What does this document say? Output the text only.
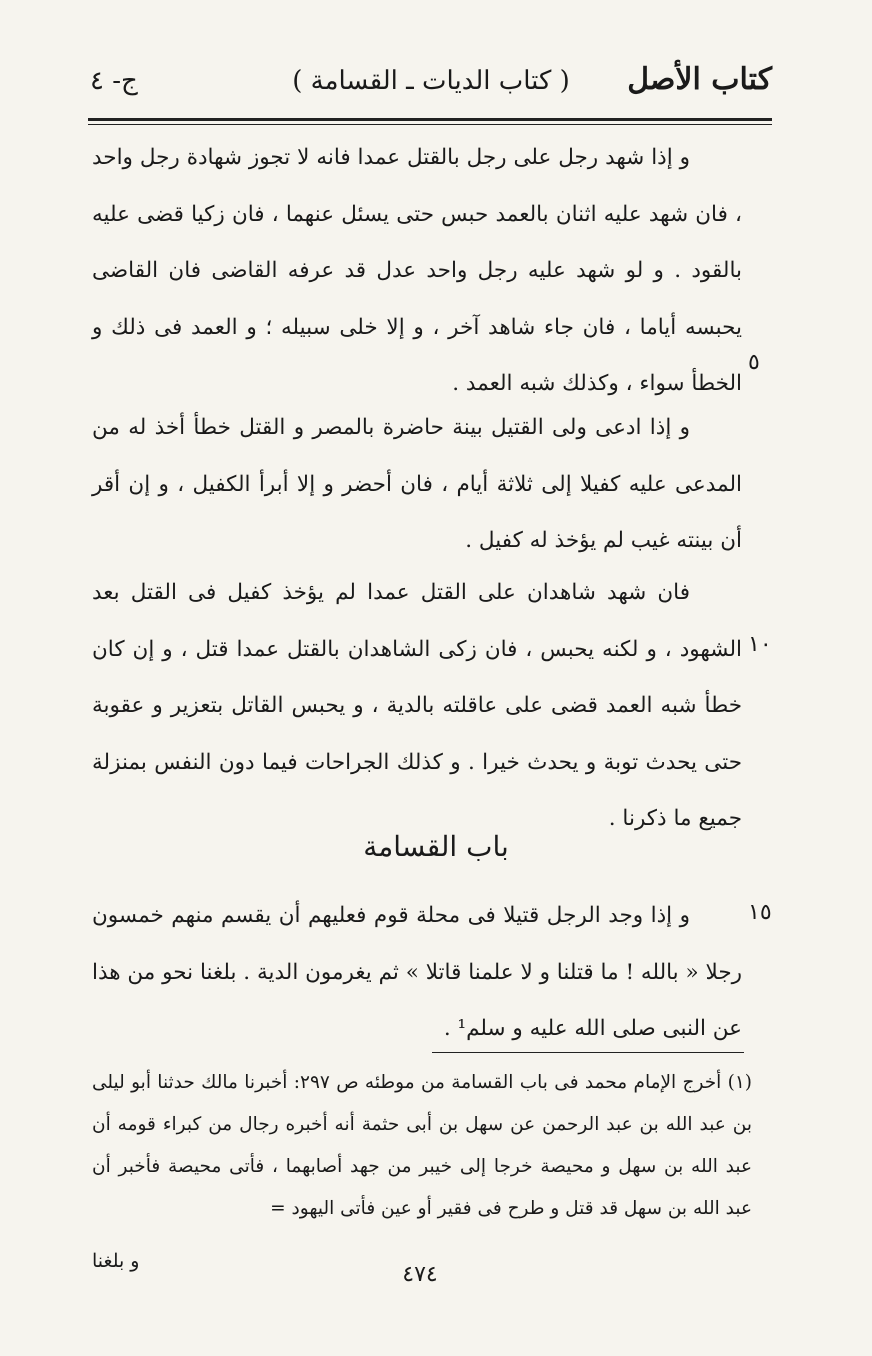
كتاب الأصل
( كتاب الديات ـ القسامة )
ج- ٤

و إذا شهد رجل على رجل بالقتل عمدا فانه لا تجوز شهادة رجل واحد ، فان شهد عليه اثنان بالعمد حبس حتى يسئل عنهما ، فان زكيا قضى عليه بالقود . و لو شهد عليه رجل واحد عدل قد عرفه القاضى فان القاضى يحبسه أياما ، فان جاء شاهد آخر ، و إلا خلى سبيله ؛ و العمد فى ذلك و الخطأ سواء ، وكذلك شبه العمد .

٥

و إذا ادعى ولى القتيل بينة حاضرة بالمصر و القتل خطأ أخذ له من المدعى عليه كفيلا إلى ثلاثة أيام ، فان أحضر و إلا أبرأ الكفيل ، و إن أقر أن بينته غيب لم يؤخذ له كفيل .

فان شهد شاهدان على القتل عمدا لم يؤخذ كفيل فى القتل بعد الشهود ، و لكنه يحبس ، فان زكى الشاهدان بالقتل عمدا قتل ، و إن كان خطأ شبه العمد قضى على عاقلته بالدية ، و يحبس القاتل بتعزير و عقوبة حتى يحدث توبة و يحدث خيرا . و كذلك الجراحات فيما دون النفس بمنزلة جميع ما ذكرنا .

١٠
باب القسامة

و إذا وجد الرجل قتيلا فى محلة قوم فعليهم أن يقسم منهم خمسون رجلا « بالله ! ما قتلنا و لا علمنا قاتلا » ثم يغرمون الدية . بلغنا نحو من هذا عن النبى صلى الله عليه و سلم¹ .

١٥
(١) أخرج الإمام محمد فى باب القسامة من موطئه ص ٢٩٧: أخبرنا مالك حدثنا أبو ليلى بن عبد الله بن عبد الرحمن عن سهل بن أبى حثمة أنه أخبره رجال من كبراء قومه أن عبد الله بن سهل و محيصة خرجا إلى خيبر من جهد أصابهما ، فأتى محيصة فأخبر أن عبد الله بن سهل قد قتل و طرح فى فقير أو عين فأتى اليهود =
٤٧٤
و بلغنا
